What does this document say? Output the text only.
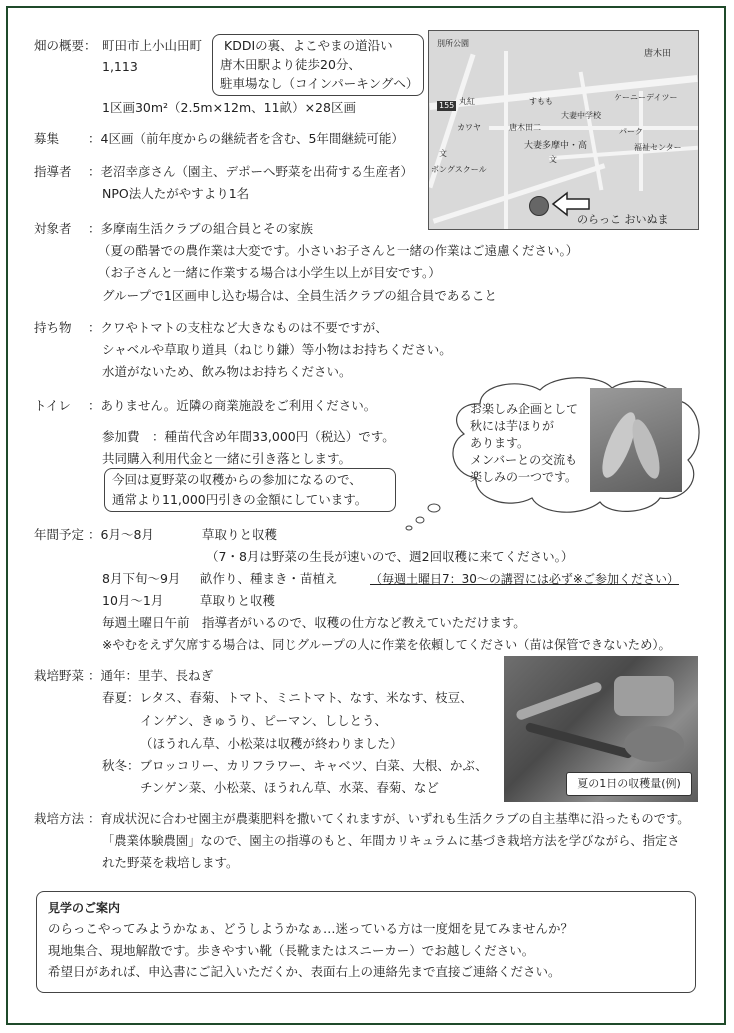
畑の概要： 町田市上小山田町
1,113
KDDIの裏、よこやまの道沿い
唐木田駅より徒歩20分、
駐車場なし（コインパーキングへ）
1区画30m²（2.5m×12m、11畝）×28区画
募集 ：4区画（前年度からの継続者を含む、5年間継続可能）
指導者 ：老沼幸彦さん（園主、デポーへ野菜を出荷する生産者）
NPO法人たがやすより1名
別所公園
唐木田
丸紅	すもも	ケーニーデイツー
カワヤ	唐木田二
大妻中学校
155
大妻多摩中・高
文
パーク
福祉センター
ボングスクール
文
のらっこ おいぬま
対象者 ：多摩南生活クラブの組合員とその家族
（夏の酷暑での農作業は大変です。小さいお子さんと一緒の作業はご遠慮ください。）
（お子さんと一緒に作業する場合は小学生以上が目安です。）
グループで1区画申し込む場合は、全員生活クラブの組合員であること
持ち物 ：クワやトマトの支柱など大きなものは不要ですが、
シャベルや草取り道具（ねじり鎌）等小物はお持ちください。
水道がないため、飲み物はお持ちください。
トイレ ：ありません。近隣の商業施設をご利用ください。
参加費　：種苗代含め年間33,000円（税込）です。
共同購入利用代金と一緒に引き落とします。
今回は夏野菜の収穫からの参加になるので、
通常より11,000円引きの金額にしています。
お楽しみ企画として
秋には芋ほりが
あります。
メンバーとの交流も
楽しみの一つです。
年間予定 ：6月～8月	草取りと収穫
（7・8月は野菜の生長が速いので、週2回収穫に来てください。）
8月下旬～9月 畝作り、種まき・苗植え	（毎週土曜日7：30～の講習には必ず※ご参加ください）
10月～1月	草取りと収穫
毎週土曜日午前　指導者がいるので、収穫の仕方など教えていただけます。
※やむをえず欠席する場合は、同じグループの人に作業を依頼してください（苗は保管できないため）。
栽培野菜 ：通年：里芋、長ねぎ
春夏：レタス、春菊、トマト、ミニトマト、なす、米なす、枝豆、
インゲン、きゅうり、ピーマン、ししとう、
（ほうれん草、小松菜は収穫が終わりました）
秋冬：ブロッコリー、カリフラワー、キャベツ、白菜、大根、かぶ、
チンゲン菜、小松菜、ほうれん草、水菜、春菊、など	夏の1日の収穫量(例)
栽培方法 ：育成状況に合わせ園主が農薬肥料を撒いてくれますが、いずれも生活クラブの自主基準に沿ったものです。
「農業体験農園」なので、園主の指導のもと、年間カリキュラムに基づき栽培方法を学びながら、指定さ
れた野菜を栽培します。
見学のご案内
のらっこやってみようかなぁ、どうしようかなぁ…迷っている方は一度畑を見てみませんか？
現地集合、現地解散です。歩きやすい靴（長靴またはスニーカー）でお越しください。
希望日があれば、申込書にご記入いただくか、表面右上の連絡先まで直接ご連絡ください。
